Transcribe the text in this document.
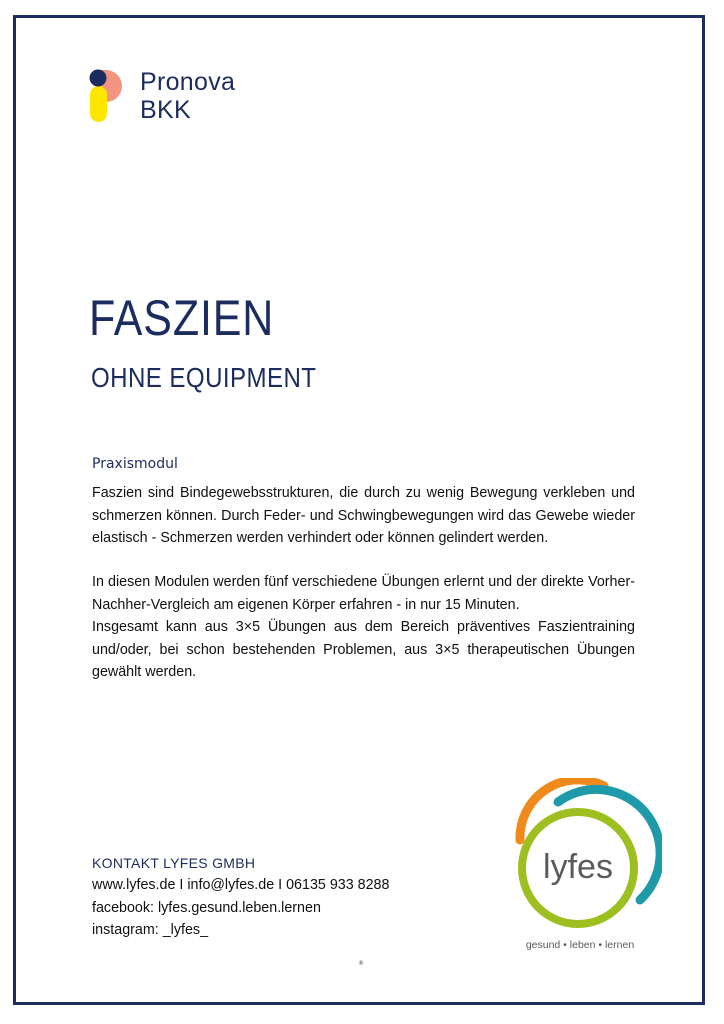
Pronova
BKK
FASZIEN
OHNE EQUIPMENT
Praxismodul

Faszien sind Bindegewebsstrukturen, die durch zu wenig Bewegung verkleben und schmerzen können. Durch Feder- und Schwingbewegungen wird das Gewebe wieder elastisch - Schmerzen werden verhindert oder können gelindert werden.

In diesen Modulen werden fünf verschiedene Übungen erlernt und der direkte Vorher-Nachher-Vergleich am eigenen Körper erfahren - in nur 15 Minuten.
Insgesamt kann aus 3×5 Übungen aus dem Bereich präventives Faszientraining und/oder, bei schon bestehenden Problemen, aus 3×5 therapeutischen Übungen gewählt werden.
KONTAKT LYFES GMBH
www.lyfes.de I info@lyfes.de I 06135 933 8288
facebook: lyfes.gesund.leben.lernen
instagram: _lyfes_
lyfes
gesund • leben • lernen
®
